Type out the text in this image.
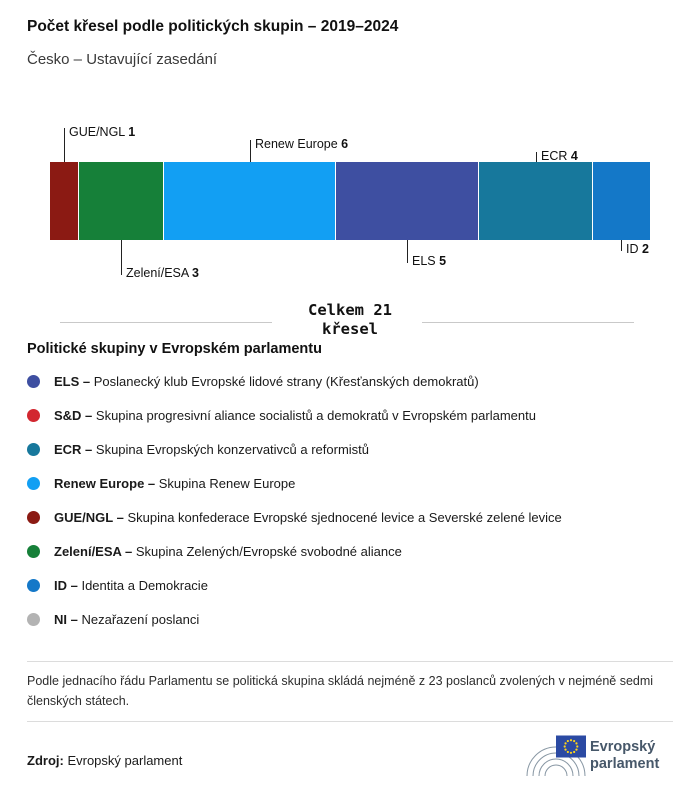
Počet křesel podle politických skupin – 2019–2024
Česko – Ustavující zasedání
GUE/NGL 1
Zelení/ESA 3
Renew Europe 6
ELS 5
ECR 4
ID 2
Celkem 21
křesel
Politické skupiny v Evropském parlamentu
ELS – Poslanecký klub Evropské lidové strany (Křesťanských demokratů)
S&D – Skupina progresivní aliance socialistů a demokratů v Evropském parlamentu
ECR – Skupina Evropských konzervativců a reformistů
Renew Europe – Skupina Renew Europe
GUE/NGL – Skupina konfederace Evropské sjednocené levice a Severské zelené levice
Zelení/ESA – Skupina Zelených/Evropské svobodné aliance
ID – Identita a Demokracie
NI – Nezařazení poslanci
Podle jednacího řádu Parlamentu se politická skupina skládá nejméně z 23 poslanců zvolených v nejméně sedmi členských státech.
Zdroj: Evropský parlament
Evropský
parlament
